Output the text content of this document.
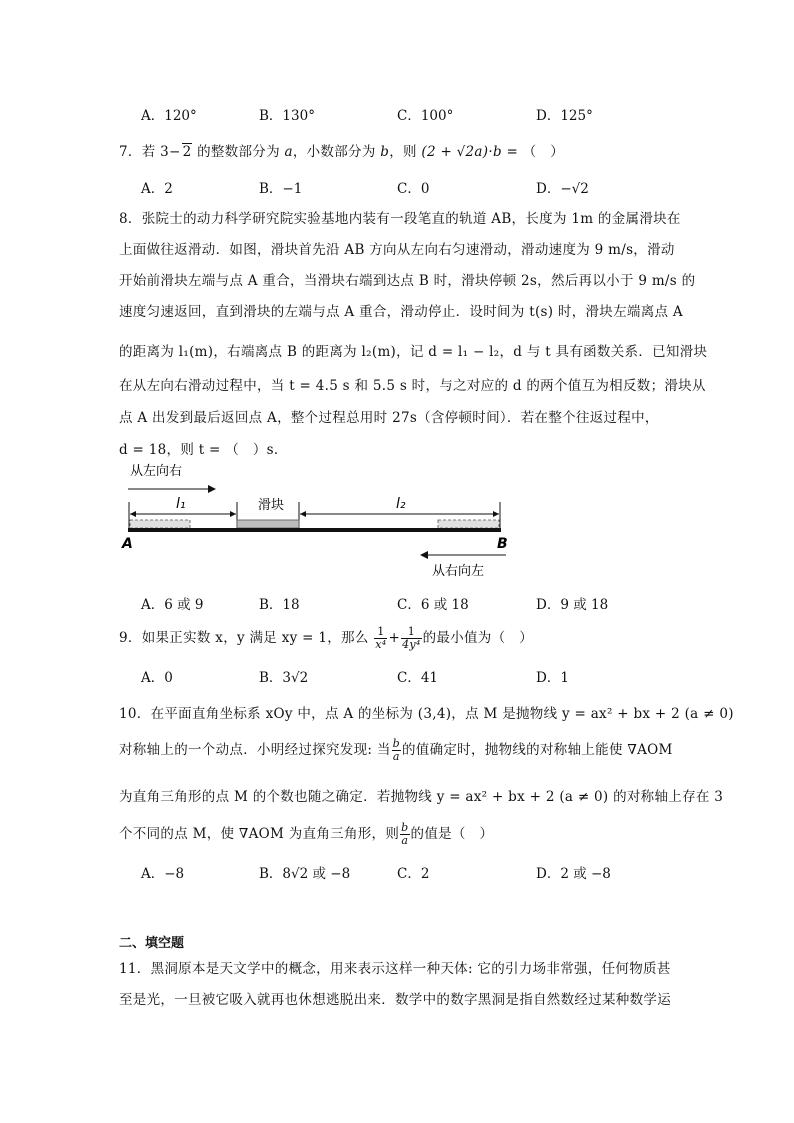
A．120°	B．130°	C．100°	D．125°
7．若 3− 2 的整数部分为 a，小数部分为 b，则 (2 + √2a)·b = （　）
A．2	B．−1	C．0	D．−√2
8．张院士的动力科学研究院实验基地内装有一段笔直的轨道 AB，长度为 1m 的金属滑块在
上面做往返滑动．如图，滑块首先沿 AB 方向从左向右匀速滑动，滑动速度为 9 m/s，滑动
开始前滑块左端与点 A 重合，当滑块右端到达点 B 时，滑块停顿 2s，然后再以小于 9 m/s 的
速度匀速返回，直到滑块的左端与点 A 重合，滑动停止．设时间为 t(s) 时，滑块左端离点 A
的距离为 l₁(m)，右端离点 B 的距离为 l₂(m)，记 d = l₁ − l₂，d 与 t 具有函数关系．已知滑块
在从左向右滑动过程中，当 t = 4.5 s 和 5.5 s 时，与之对应的 d 的两个值互为相反数；滑块从
点 A 出发到最后返回点 A，整个过程总用时 27s（含停顿时间）．若在整个往返过程中，
d = 18，则 t = （　）s．
从左向右
l₁	滑块	l₂
A	B
从右向左
A．6 或 9	B．18	C．6 或 18	D．9 或 18
9．如果正实数 x，y 满足 xy = 1，那么 $\frac{1}{\text{x⁴}} + \frac{1}{\text{4y⁴}}$ 的最小值为（　）
A．0	B．3√2	C．41	D．1
10．在平面直角坐标系 xOy 中，点 A 的坐标为 (3,4)，点 M 是抛物线 y = ax² + bx + 2 (a ≠ 0)
对称轴上的一个动点．小明经过探究发现: 当 $\frac{b}{a}$ 的值确定时，抛物线的对称轴上能使 ∇AOM
为直角三角形的点 M 的个数也随之确定．若抛物线 y = ax² + bx + 2 (a ≠ 0) 的对称轴上存在 3
个不同的点 M，使 ∇AOM 为直角三角形，则 $\frac{b}{a}$ 的值是（　）
A．−8	B．8√2 或 −8	C．2	D．2 或 −8
二、填空题
11．黑洞原本是天文学中的概念，用来表示这样一种天体: 它的引力场非常强，任何物质甚
至是光，一旦被它吸入就再也休想逃脱出来．数学中的数字黑洞是指自然数经过某种数学运
